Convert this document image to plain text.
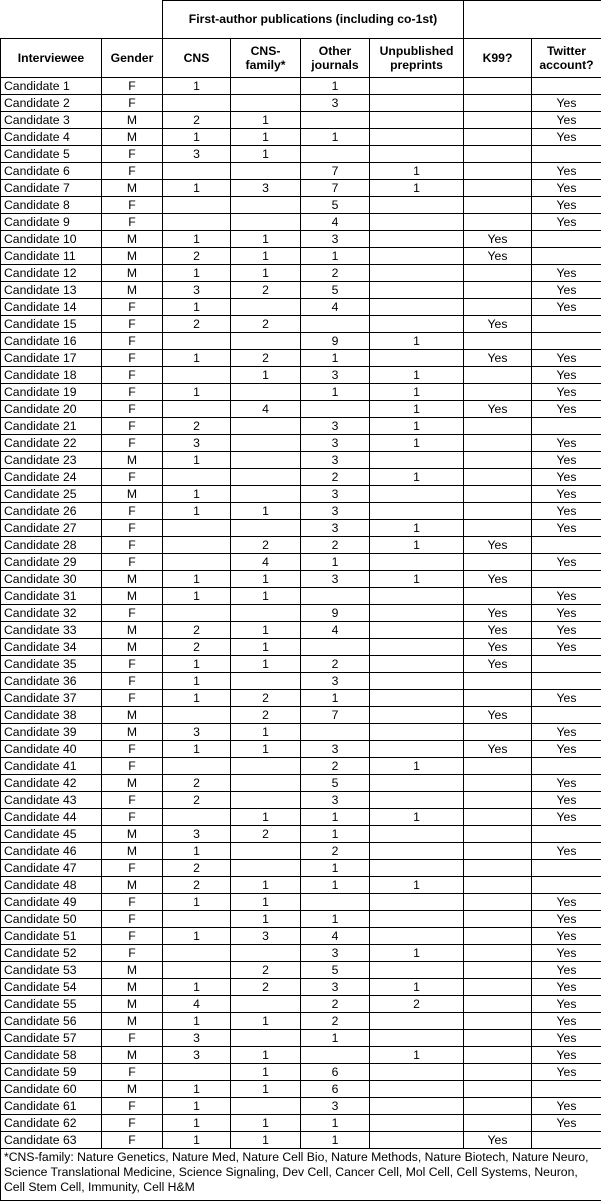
		First-author publications (including co-1st)					
Interviewee	Gender	CNS	CNS-family*	Other journals	Unpublished preprints	K99?	Twitter account?
Candidate 1	F	1		1			
Candidate 2	F			3			Yes
Candidate 3	M	2	1				Yes
Candidate 4	M	1	1	1			Yes
Candidate 5	F	3	1				
Candidate 6	F			7	1		Yes
Candidate 7	M	1	3	7	1		Yes
Candidate 8	F			5			Yes
Candidate 9	F			4			Yes
Candidate 10	M	1	1	3		Yes	
Candidate 11	M	2	1	1		Yes	
Candidate 12	M	1	1	2			Yes
Candidate 13	M	3	2	5			Yes
Candidate 14	F	1		4			Yes
Candidate 15	F	2	2			Yes	
Candidate 16	F			9	1		
Candidate 17	F	1	2	1		Yes	Yes
Candidate 18	F		1	3	1		Yes
Candidate 19	F	1		1	1		Yes
Candidate 20	F		4		1	Yes	Yes
Candidate 21	F	2		3	1		
Candidate 22	F	3		3	1		Yes
Candidate 23	M	1		3			Yes
Candidate 24	F			2	1		Yes
Candidate 25	M	1		3			Yes
Candidate 26	F	1	1	3			Yes
Candidate 27	F			3	1		Yes
Candidate 28	F		2	2	1	Yes	
Candidate 29	F		4	1			Yes
Candidate 30	M	1	1	3	1	Yes	
Candidate 31	M	1	1				Yes
Candidate 32	F			9		Yes	Yes
Candidate 33	M	2	1	4		Yes	Yes
Candidate 34	M	2	1			Yes	Yes
Candidate 35	F	1	1	2		Yes	
Candidate 36	F	1		3			
Candidate 37	F	1	2	1			Yes
Candidate 38	M		2	7		Yes	
Candidate 39	M	3	1				Yes
Candidate 40	F	1	1	3		Yes	Yes
Candidate 41	F			2	1		
Candidate 42	M	2		5			Yes
Candidate 43	F	2		3			Yes
Candidate 44	F		1	1	1		Yes
Candidate 45	M	3	2	1			
Candidate 46	M	1		2			Yes
Candidate 47	F	2		1			
Candidate 48	M	2	1	1	1		
Candidate 49	F	1	1				Yes
Candidate 50	F		1	1			Yes
Candidate 51	F	1	3	4			Yes
Candidate 52	F			3	1		Yes
Candidate 53	M		2	5			Yes
Candidate 54	M	1	2	3	1		Yes
Candidate 55	M	4		2	2		Yes
Candidate 56	M	1	1	2			Yes
Candidate 57	F	3		1			Yes
Candidate 58	M	3	1		1		Yes
Candidate 59	F		1	6			Yes
Candidate 60	M	1	1	6			
Candidate 61	F	1		3			Yes
Candidate 62	F	1	1	1			Yes
Candidate 63	F	1	1	1		Yes	
*CNS-family: Nature Genetics, Nature Med, Nature Cell Bio, Nature Methods, Nature Biotech, Nature Neuro, Science Translational Medicine, Science Signaling, Dev Cell, Cancer Cell, Mol Cell, Cell Systems, Neuron, Cell Stem Cell, Immunity, Cell H&M							
